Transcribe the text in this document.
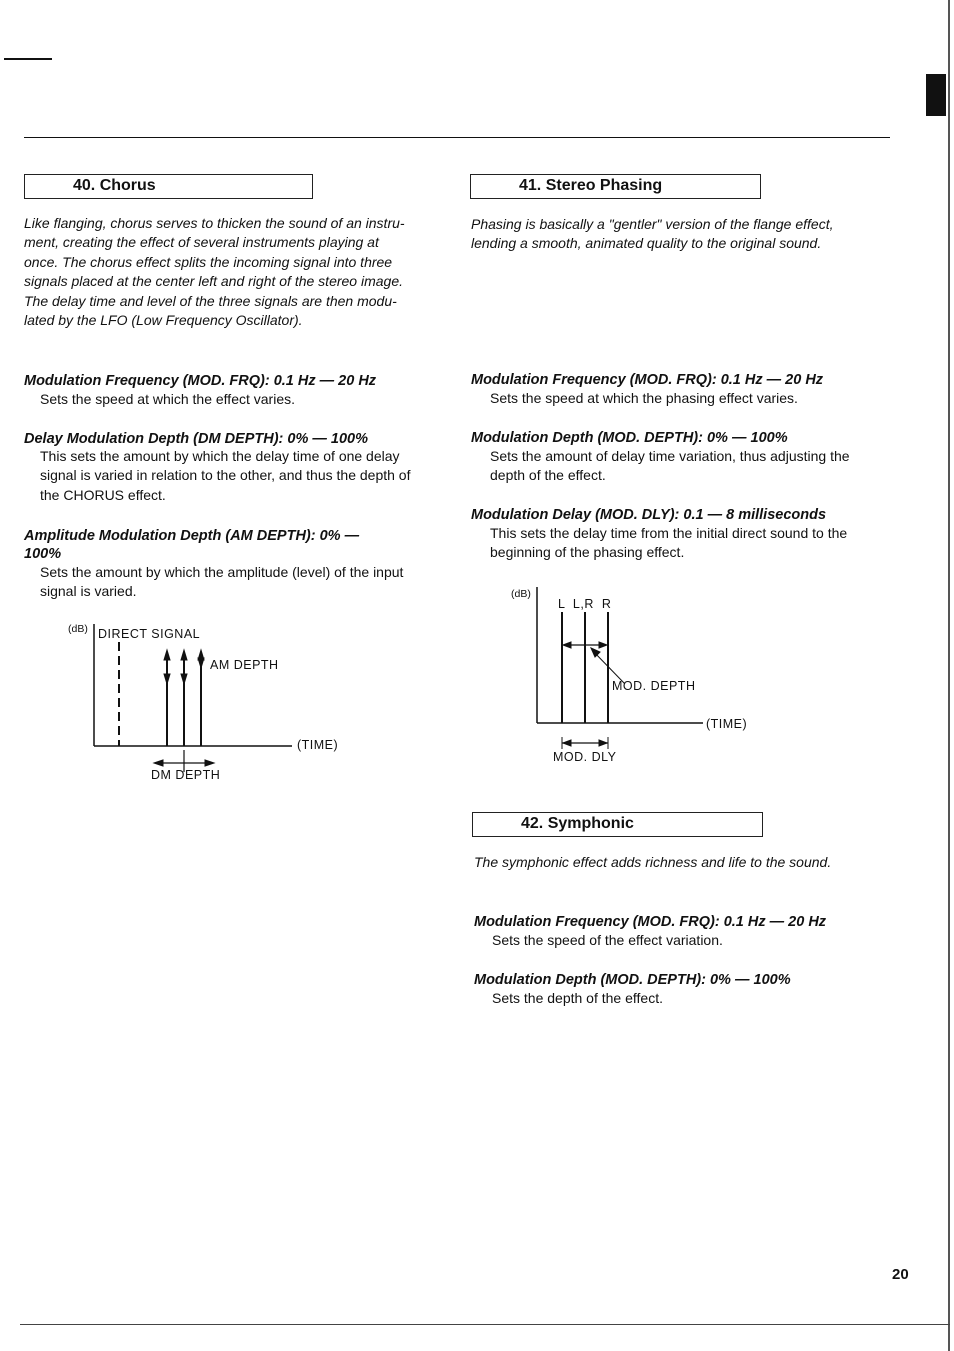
40. Chorus
Like flanging, chorus serves to thicken the sound of an instru-
ment, creating the effect of several instruments playing at
once. The chorus effect splits the incoming signal into three
signals placed at the center left and right of the stereo image.
The delay time and level of the three signals are then modu-
lated by the LFO (Low Frequency Oscillator).
Modulation Frequency (MOD. FRQ): 0.1 Hz — 20 Hz
Sets the speed at which the effect varies.
Delay Modulation Depth (DM DEPTH): 0% — 100%
This sets the amount by which the delay time of one delay
signal is varied in relation to the other, and thus the depth of
the CHORUS effect.
Amplitude Modulation Depth (AM DEPTH): 0% —
100%
Sets the amount by which the amplitude (level) of the input
signal is varied.
(dB) DIRECT SIGNAL
AM DEPTH
(TIME)
DM DEPTH
41. Stereo Phasing
Phasing is basically a "gentler" version of the flange effect,
lending a smooth, animated quality to the original sound.
Modulation Frequency (MOD. FRQ): 0.1 Hz — 20 Hz
Sets the speed at which the phasing effect varies.
Modulation Depth (MOD. DEPTH): 0% — 100%
Sets the amount of delay time variation, thus adjusting the
depth of the effect.
Modulation Delay (MOD. DLY): 0.1 — 8 milliseconds
This sets the delay time from the initial direct sound to the
beginning of the phasing effect.
(dB)
L  L,R  R
MOD. DEPTH
(TIME)
MOD. DLY
42. Symphonic
The symphonic effect adds richness and life to the sound.
Modulation Frequency (MOD. FRQ): 0.1 Hz — 20 Hz
Sets the speed of the effect variation.
Modulation Depth (MOD. DEPTH): 0% — 100%
Sets the depth of the effect.
20
